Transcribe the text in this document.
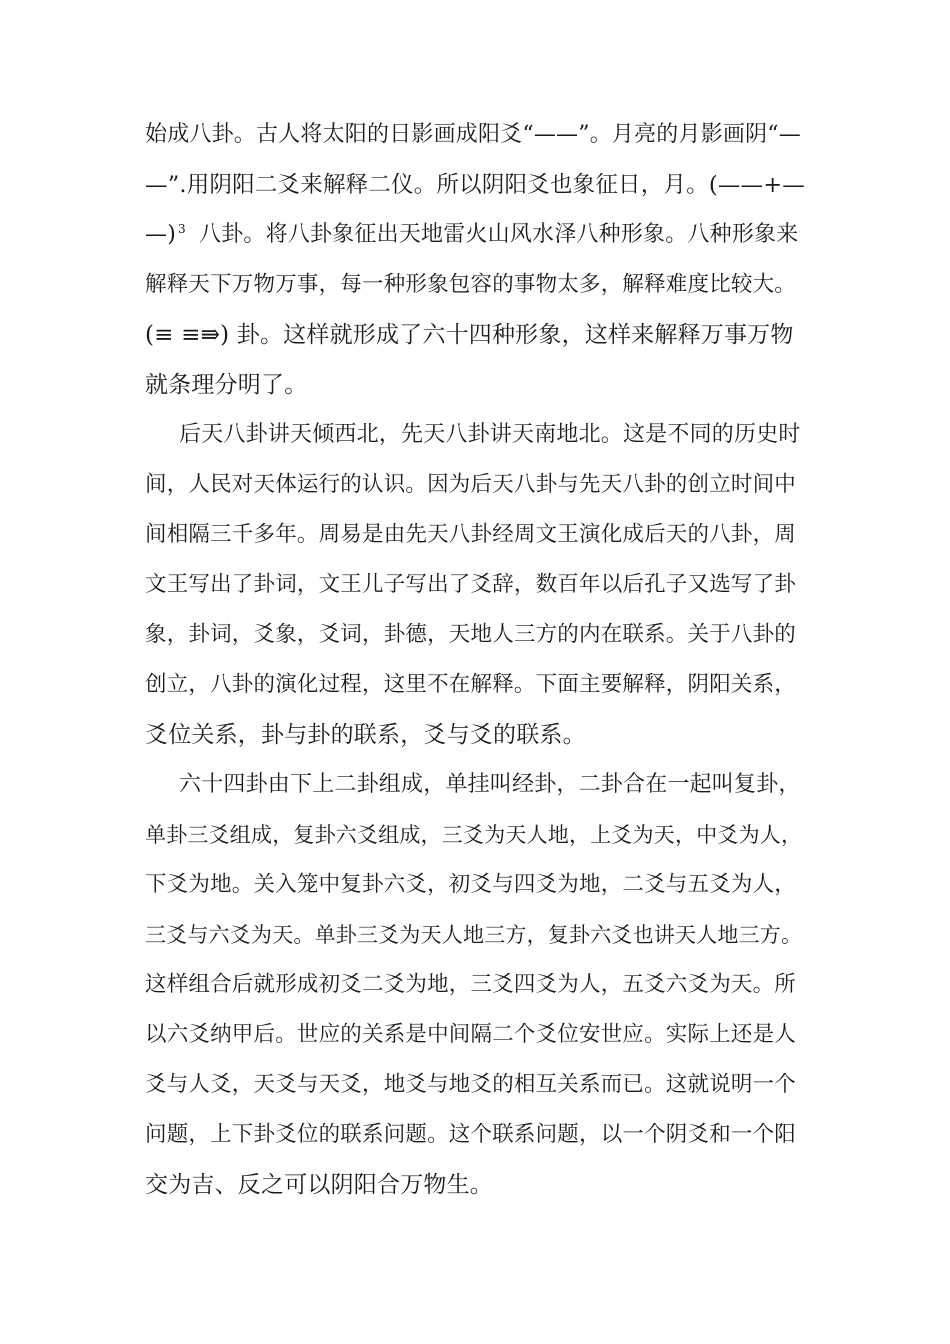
始成八卦。古人将太阳的日影画成阳爻“——”。月亮的月影画阴“—
—”.用阴阳二爻来解释二仪。所以阴阳爻也象征日，月。(——+—
—) $^3$ 八卦。将八卦象征出天地雷火山风水泽八种形象。八种形象来
解释天下万物万事，每一种形象包容的事物太多，解释难度比较大。
(≡ ≡⇛) 卦。这样就形成了六十四种形象，这样来解释万事万物
就条理分明了。
后天八卦讲天倾西北，先天八卦讲天南地北。这是不同的历史时
间，人民对天体运行的认识。因为后天八卦与先天八卦的创立时间中
间相隔三千多年。周易是由先天八卦经周文王演化成后天的八卦，周
文王写出了卦词，文王儿子写出了爻辞，数百年以后孔子又选写了卦
象，卦词，爻象，爻词，卦德，天地人三方的内在联系。关于八卦的
创立，八卦的演化过程，这里不在解释。下面主要解释，阴阳关系，
爻位关系，卦与卦的联系，爻与爻的联系。
六十四卦由下上二卦组成，单挂叫经卦，二卦合在一起叫复卦，
单卦三爻组成，复卦六爻组成，三爻为天人地，上爻为天，中爻为人，
下爻为地。关入笼中复卦六爻，初爻与四爻为地，二爻与五爻为人，
三爻与六爻为天。单卦三爻为天人地三方，复卦六爻也讲天人地三方。
这样组合后就形成初爻二爻为地，三爻四爻为人，五爻六爻为天。所
以六爻纳甲后。世应的关系是中间隔二个爻位安世应。实际上还是人
爻与人爻，天爻与天爻，地爻与地爻的相互关系而已。这就说明一个
问题，上下卦爻位的联系问题。这个联系问题，以一个阴爻和一个阳
交为吉、反之可以阴阳合万物生。
